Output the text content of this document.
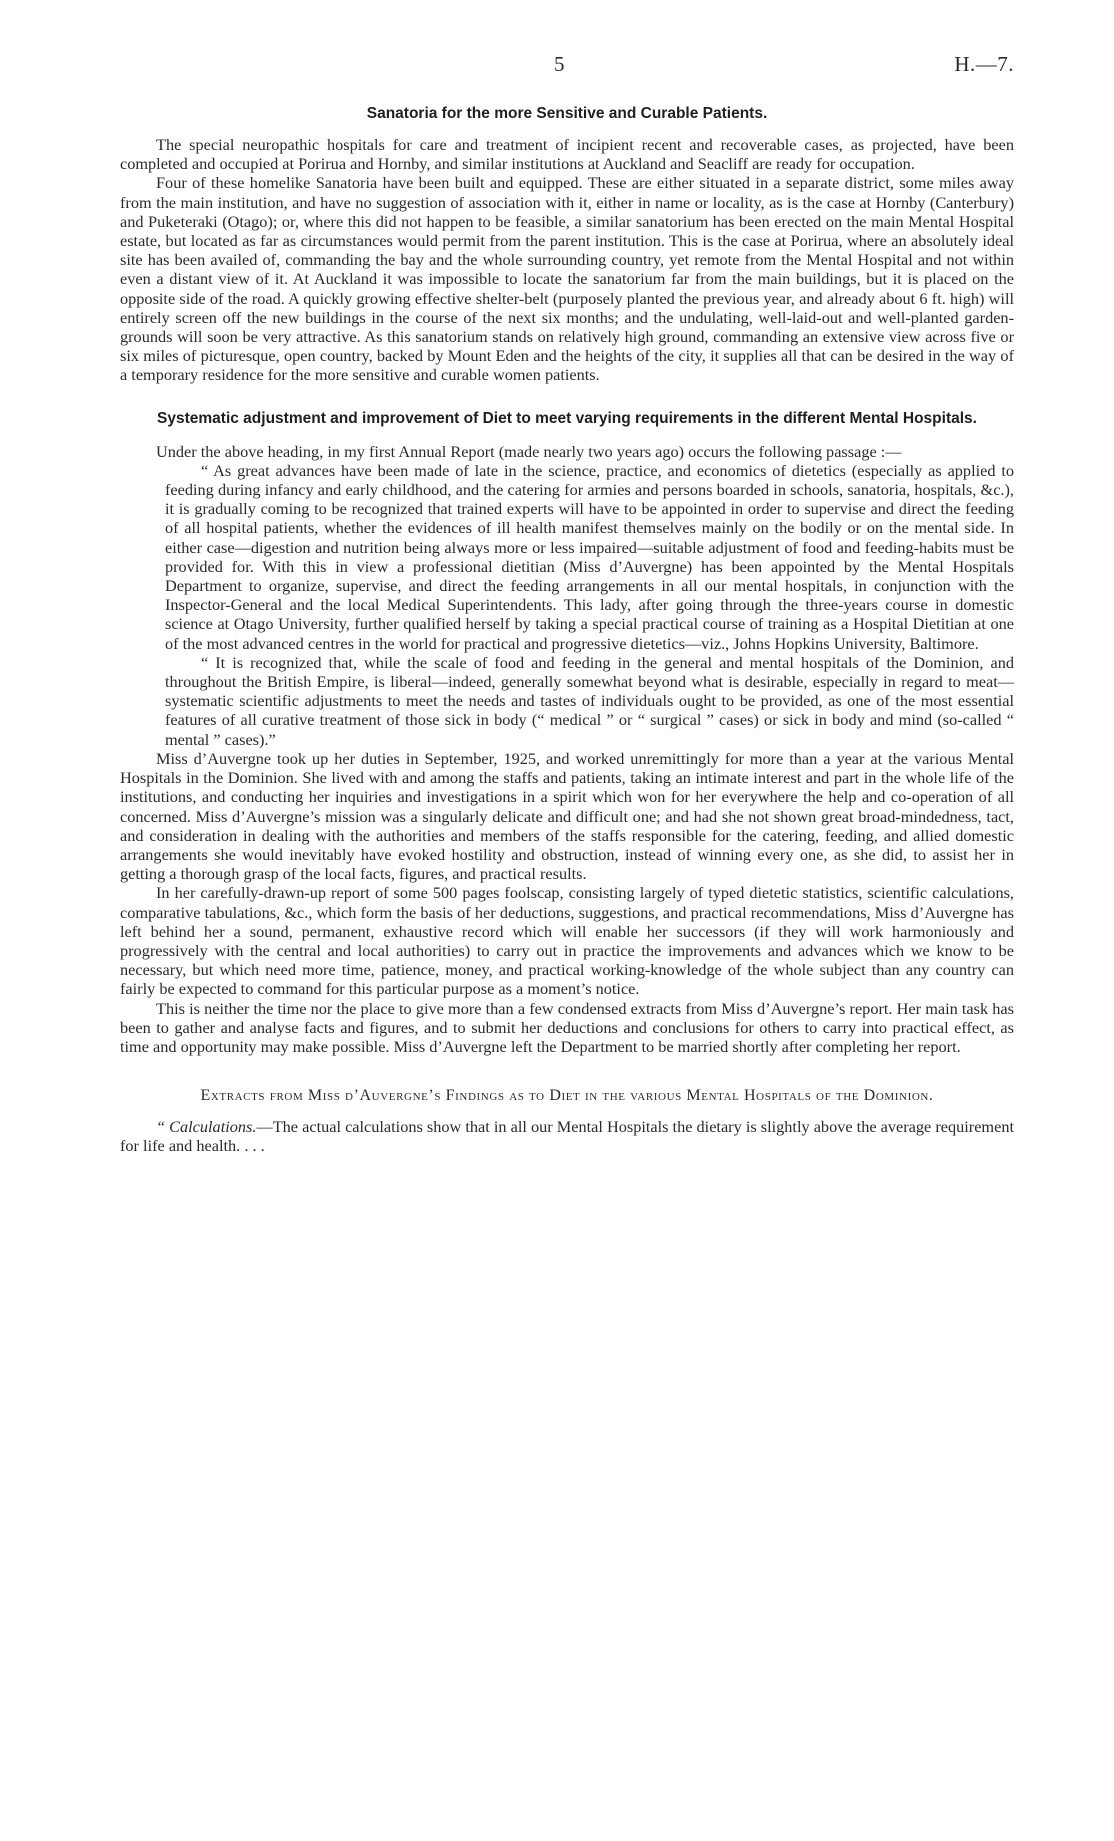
5	H.—7.
Sanatoria for the more Sensitive and Curable Patients.

The special neuropathic hospitals for care and treatment of incipient recent and recoverable cases, as projected, have been completed and occupied at Porirua and Hornby, and similar institutions at Auckland and Seacliff are ready for occupation.

Four of these homelike Sanatoria have been built and equipped. These are either situated in a separate district, some miles away from the main institution, and have no suggestion of association with it, either in name or locality, as is the case at Hornby (Canterbury) and Puketeraki (Otago); or, where this did not happen to be feasible, a similar sanatorium has been erected on the main Mental Hospital estate, but located as far as circumstances would permit from the parent institution. This is the case at Porirua, where an absolutely ideal site has been availed of, commanding the bay and the whole surrounding country, yet remote from the Mental Hospital and not within even a distant view of it. At Auckland it was impossible to locate the sanatorium far from the main buildings, but it is placed on the opposite side of the road. A quickly growing effective shelter-belt (purposely planted the previous year, and already about 6 ft. high) will entirely screen off the new buildings in the course of the next six months; and the undulating, well-laid-out and well-planted garden-grounds will soon be very attractive. As this sanatorium stands on relatively high ground, commanding an extensive view across five or six miles of picturesque, open country, backed by Mount Eden and the heights of the city, it supplies all that can be desired in the way of a temporary residence for the more sensitive and curable women patients.

Systematic adjustment and improvement of Diet to meet varying requirements in the different Mental Hospitals.

Under the above heading, in my first Annual Report (made nearly two years ago) occurs the following passage :—

“ As great advances have been made of late in the science, practice, and economics of dietetics (especially as applied to feeding during infancy and early childhood, and the catering for armies and persons boarded in schools, sanatoria, hospitals, &c.), it is gradually coming to be recognized that trained experts will have to be appointed in order to supervise and direct the feeding of all hospital patients, whether the evidences of ill health manifest themselves mainly on the bodily or on the mental side. In either case—digestion and nutrition being always more or less impaired—suitable adjustment of food and feeding-habits must be provided for. With this in view a professional dietitian (Miss d’Auvergne) has been appointed by the Mental Hospitals Department to organize, supervise, and direct the feeding arrangements in all our mental hospitals, in conjunction with the Inspector-General and the local Medical Superintendents. This lady, after going through the three-years course in domestic science at Otago University, further qualified herself by taking a special practical course of training as a Hospital Dietitian at one of the most advanced centres in the world for practical and progressive dietetics—viz., Johns Hopkins University, Baltimore.

“ It is recognized that, while the scale of food and feeding in the general and mental hospitals of the Dominion, and throughout the British Empire, is liberal—indeed, generally somewhat beyond what is desirable, especially in regard to meat—systematic scientific adjustments to meet the needs and tastes of individuals ought to be provided, as one of the most essential features of all curative treatment of those sick in body (“ medical ” or “ surgical ” cases) or sick in body and mind (so-called “ mental ” cases).”

Miss d’Auvergne took up her duties in September, 1925, and worked unremittingly for more than a year at the various Mental Hospitals in the Dominion. She lived with and among the staffs and patients, taking an intimate interest and part in the whole life of the institutions, and conducting her inquiries and investigations in a spirit which won for her everywhere the help and co-operation of all concerned. Miss d’Auvergne’s mission was a singularly delicate and difficult one; and had she not shown great broad-mindedness, tact, and consideration in dealing with the authorities and members of the staffs responsible for the catering, feeding, and allied domestic arrangements she would inevitably have evoked hostility and obstruction, instead of winning every one, as she did, to assist her in getting a thorough grasp of the local facts, figures, and practical results.

In her carefully-drawn-up report of some 500 pages foolscap, consisting largely of typed dietetic statistics, scientific calculations, comparative tabulations, &c., which form the basis of her deductions, suggestions, and practical recommendations, Miss d’Auvergne has left behind her a sound, permanent, exhaustive record which will enable her successors (if they will work harmoniously and progressively with the central and local authorities) to carry out in practice the improvements and advances which we know to be necessary, but which need more time, patience, money, and practical working-knowledge of the whole subject than any country can fairly be expected to command for this particular purpose as a moment’s notice.

This is neither the time nor the place to give more than a few condensed extracts from Miss d’Auvergne’s report. Her main task has been to gather and analyse facts and figures, and to submit her deductions and conclusions for others to carry into practical effect, as time and opportunity may make possible. Miss d’Auvergne left the Department to be married shortly after completing her report.

Extracts from Miss d’Auvergne’s Findings as to Diet in the various Mental Hospitals of the Dominion.

“ Calculations.—The actual calculations show that in all our Mental Hospitals the dietary is slightly above the average requirement for life and health. . . .
